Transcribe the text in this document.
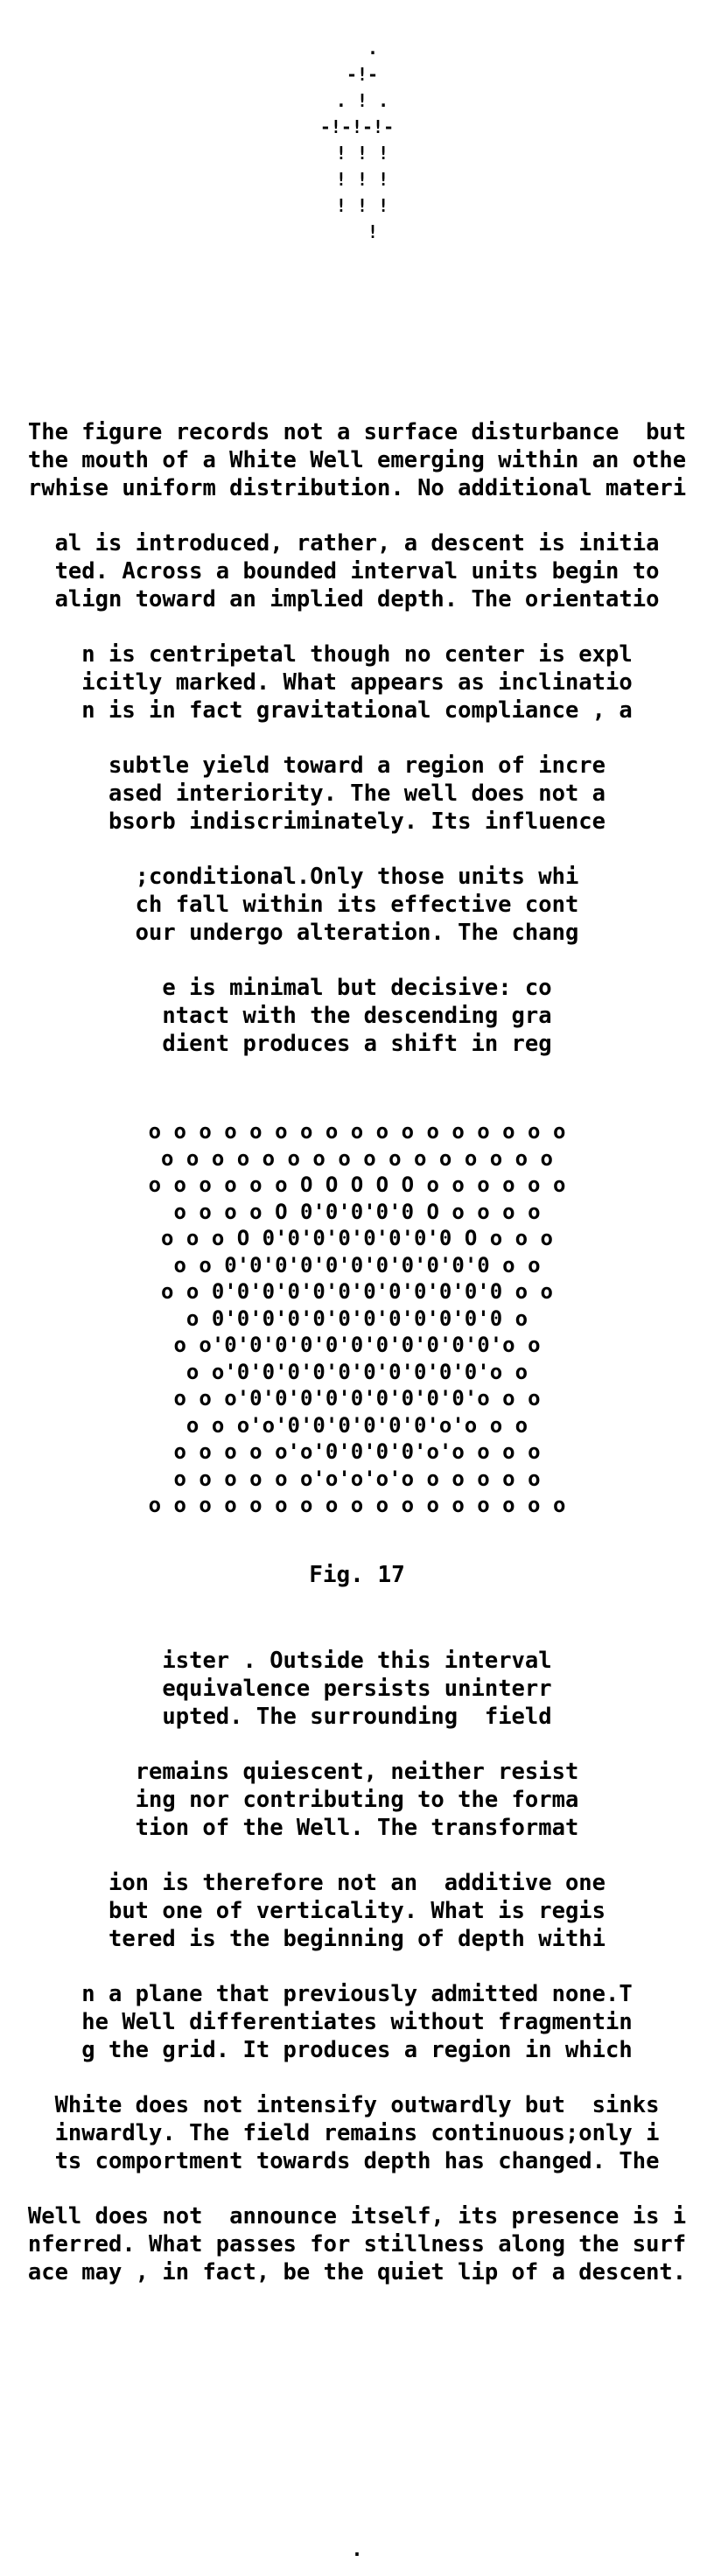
.
-!-
. ! .
-!-!-!-
! ! !
! ! !
! ! !
!
The figure records not a surface disturbance  but
the mouth of a White Well emerging within an othe
rwhise uniform distribution. No additional materi
al is introduced, rather, a descent is initia
ted. Across a bounded interval units begin to
align toward an implied depth. The orientatio
n is centripetal though no center is expl
icitly marked. What appears as inclinatio
n is in fact gravitational compliance , a
subtle yield toward a region of incre
ased interiority. The well does not a
bsorb indiscriminately. Its influence
;conditional.Only those units whi
ch fall within its effective cont
our undergo alteration. The chang
e is minimal but decisive: co
ntact with the descending gra
dient produces a shift in reg
o o o o o o o o o o o o o o o o o
o o o o o o o o o o o o o o o o
o o o o o o O O O O O o o o o o o
o o o o O 0'0'0'0'0 O o o o o
o o o O 0'0'0'0'0'0'0'0 O o o o
o o 0'0'0'0'0'0'0'0'0'0'0 o o
o o 0'0'0'0'0'0'0'0'0'0'0'0 o o
o 0'0'0'0'0'0'0'0'0'0'0'0 o
o o'0'0'0'0'0'0'0'0'0'0'0'o o
o o'0'0'0'0'0'0'0'0'0'0'o o
o o o'0'0'0'0'0'0'0'0'0'o o o
o o o'o'0'0'0'0'0'0'o'o o o
o o o o o'o'0'0'0'0'o'o o o o
o o o o o o'o'o'o'o o o o o o
o o o o o o o o o o o o o o o o o
Fig. 17
ister . Outside this interval
equivalence persists uninterr
upted. The surrounding  field
remains quiescent, neither resist
ing nor contributing to the forma
tion of the Well. The transformat
ion is therefore not an  additive one
but one of verticality. What is regis
tered is the beginning of depth withi
n a plane that previously admitted none.T
he Well differentiates without fragmentin
g the grid. It produces a region in which
White does not intensify outwardly but  sinks
inwardly. The field remains continuous;only i
ts comportment towards depth has changed. The
Well does not  announce itself, its presence is i
nferred. What passes for stillness along the surf
ace may , in fact, be the quiet lip of a descent.
.
